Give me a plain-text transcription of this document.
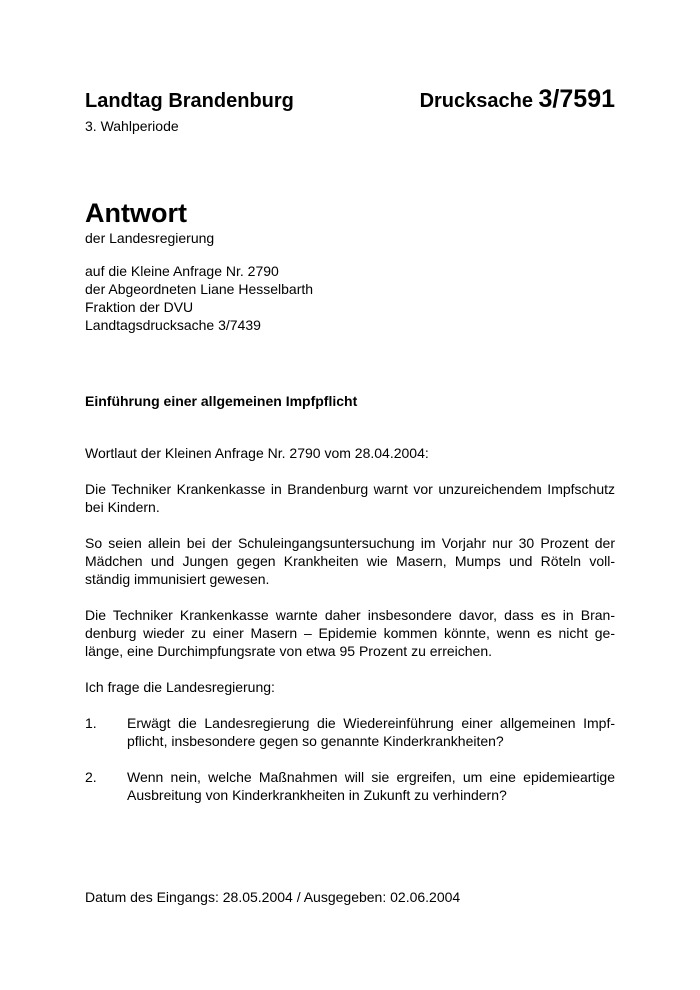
Landtag Brandenburg
3. Wahlperiode
Drucksache 3/7591
Antwort
der Landesregierung
auf die Kleine Anfrage Nr. 2790
der Abgeordneten Liane Hesselbarth
Fraktion der DVU
Landtagsdrucksache 3/7439
Einführung einer allgemeinen Impfpflicht

Wortlaut der Kleinen Anfrage Nr. 2790 vom 28.04.2004:

Die Techniker Krankenkasse in Brandenburg warnt vor unzureichendem Impfschutz bei Kindern.

So seien allein bei der Schuleingangsuntersuchung im Vorjahr nur 30 Prozent der Mädchen und Jungen gegen Krankheiten wie Masern, Mumps und Röteln voll-ständig immunisiert gewesen.

Die Techniker Krankenkasse warnte daher insbesondere davor, dass es in Bran-denburg wieder zu einer Masern – Epidemie kommen könnte, wenn es nicht ge-länge, eine Durchimpfungsrate von etwa 95 Prozent zu erreichen.

Ich frage die Landesregierung:

1. Erwägt die Landesregierung die Wiedereinführung einer allgemeinen Impf-pflicht, insbesondere gegen so genannte Kinderkrankheiten?
2. Wenn nein, welche Maßnahmen will sie ergreifen, um eine epidemieartige Ausbreitung von Kinderkrankheiten in Zukunft zu verhindern?
Datum des Eingangs: 28.05.2004 / Ausgegeben: 02.06.2004
